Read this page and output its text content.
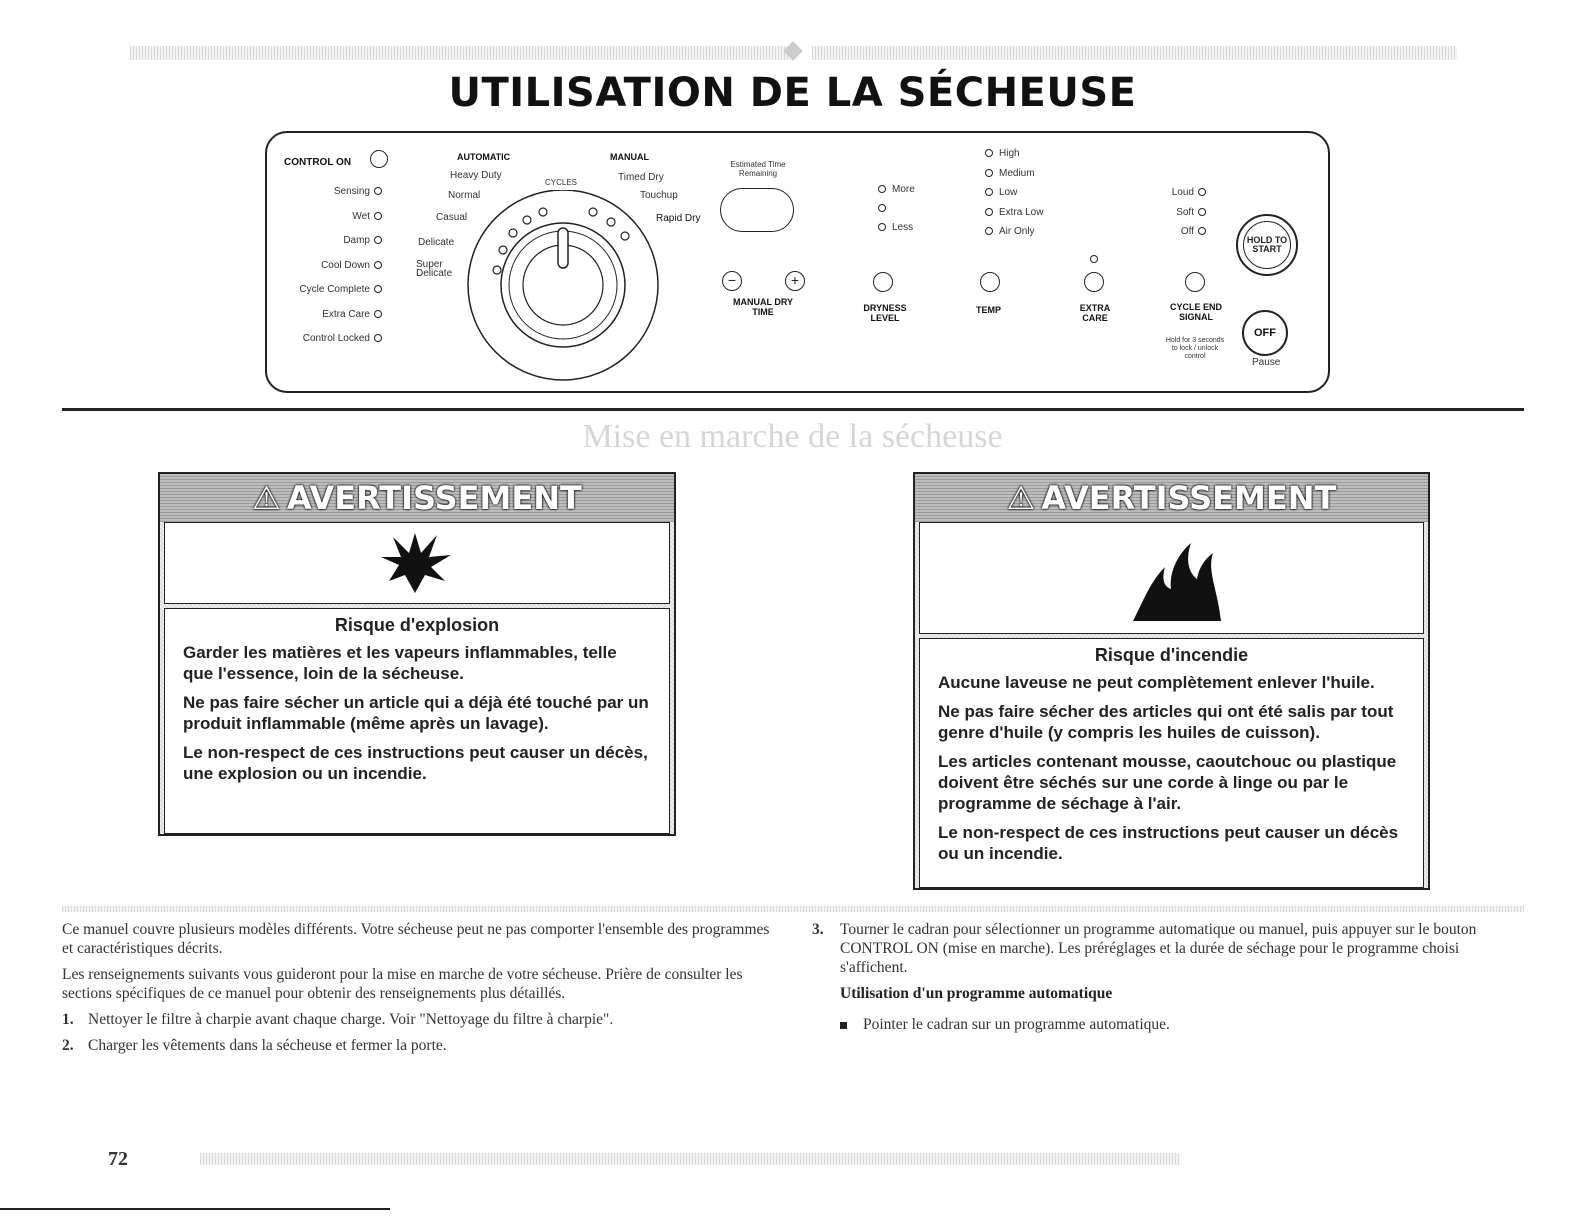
UTILISATION DE LA SÉCHEUSE
CONTROL ON
Sensing
Wet
Damp
Cool Down
Cycle Complete
Extra Care
Control Locked
AUTOMATIC	MANUAL
CYCLES
Heavy Duty
Normal
Casual
Delicate
Super Delicate
Timed Dry
Touchup
Rapid Dry
Estimated Time Remaining
−	+
MANUAL DRY TIME
More
Less
DRYNESS LEVEL
High
Medium
Low
Extra Low
Air Only
TEMP	EXTRA CARE
Loud
Soft
Off
CYCLE END SIGNAL
Hold for 3 seconds to lock / unlock control
HOLD TO START
OFF
Pause
Mise en marche de la sécheuse
⚠ AVERTISSEMENT
Risque d'explosion

Garder les matières et les vapeurs inflammables, telle que l'essence, loin de la sécheuse.

Ne pas faire sécher un article qui a déjà été touché par un produit inflammable (même après un lavage).

Le non-respect de ces instructions peut causer un décès, une explosion ou un incendie.

⚠ AVERTISSEMENT
Risque d'incendie

Aucune laveuse ne peut complètement enlever l'huile.

Ne pas faire sécher des articles qui ont été salis par tout genre d'huile (y compris les huiles de cuisson).

Les articles contenant mousse, caoutchouc ou plastique doivent être séchés sur une corde à linge ou par le programme de séchage à l'air.

Le non-respect de ces instructions peut causer un décès ou un incendie.

Ce manuel couvre plusieurs modèles différents. Votre sécheuse peut ne pas comporter l'ensemble des programmes et caractéristiques décrits.

Les renseignements suivants vous guideront pour la mise en marche de votre sécheuse. Prière de consulter les sections spécifiques de ce manuel pour obtenir des renseignements plus détaillés.

1. Nettoyer le filtre à charpie avant chaque charge. Voir "Nettoyage du filtre à charpie".

2. Charger les vêtements dans la sécheuse et fermer la porte.

3.	Tourner le cadran pour sélectionner un programme automatique ou manuel, puis appuyer sur le bouton CONTROL ON (mise en marche). Les préréglages et la durée de séchage pour le programme choisi s'affichent.

Utilisation d'un programme automatique

Pointer le cadran sur un programme automatique.

72
